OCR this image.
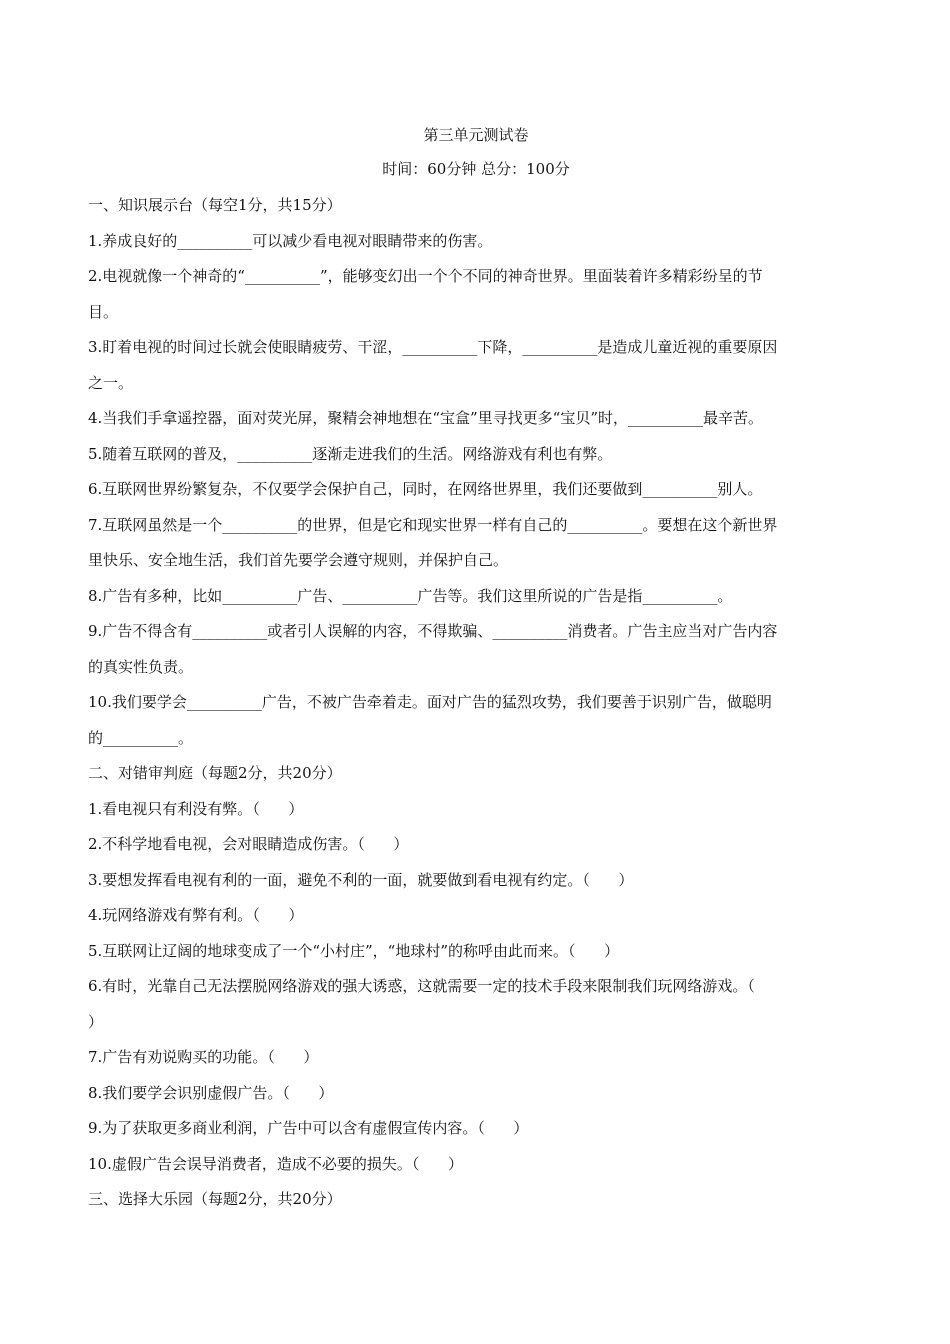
第三单元测试卷
时间：60分钟 总分：100分
一、知识展示台（每空1分，共15分）
1.养成良好的__________可以减少看电视对眼睛带来的伤害。
2.电视就像一个神奇的“__________”，能够变幻出一个个不同的神奇世界。里面装着许多精彩纷呈的节
目。
3.盯着电视的时间过长就会使眼睛疲劳、干涩，__________下降，__________是造成儿童近视的重要原因
之一。
4.当我们手拿遥控器，面对荧光屏，聚精会神地想在“宝盒”里寻找更多“宝贝”时，__________最辛苦。
5.随着互联网的普及，__________逐渐走进我们的生活。网络游戏有利也有弊。
6.互联网世界纷繁复杂，不仅要学会保护自己，同时，在网络世界里，我们还要做到__________别人。
7.互联网虽然是一个__________的世界，但是它和现实世界一样有自己的__________。要想在这个新世界
里快乐、安全地生活，我们首先要学会遵守规则，并保护自己。
8.广告有多种，比如__________广告、__________广告等。我们这里所说的广告是指__________。
9.广告不得含有__________或者引人误解的内容，不得欺骗、__________消费者。广告主应当对广告内容
的真实性负责。
10.我们要学会__________广告，不被广告牵着走。面对广告的猛烈攻势，我们要善于识别广告，做聪明
的__________。
二、对错审判庭（每题2分，共20分）
1.看电视只有利没有弊。（      ）
2.不科学地看电视，会对眼睛造成伤害。（      ）
3.要想发挥看电视有利的一面，避免不利的一面，就要做到看电视有约定。（      ）
4.玩网络游戏有弊有利。（      ）
5.互联网让辽阔的地球变成了一个“小村庄”，“地球村”的称呼由此而来。（      ）
6.有时，光靠自己无法摆脱网络游戏的强大诱惑，这就需要一定的技术手段来限制我们玩网络游戏。（
）
7.广告有劝说购买的功能。（      ）
8.我们要学会识别虚假广告。（      ）
9.为了获取更多商业利润，广告中可以含有虚假宣传内容。（      ）
10.虚假广告会误导消费者，造成不必要的损失。（      ）
三、选择大乐园（每题2分，共20分）
